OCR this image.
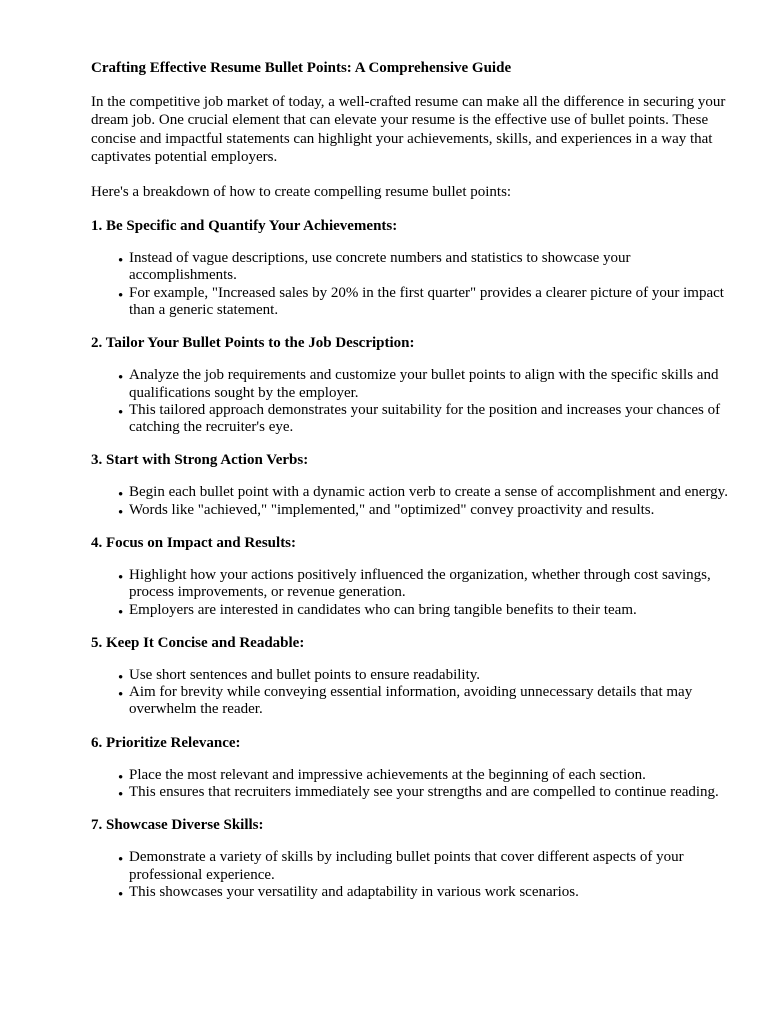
Crafting Effective Resume Bullet Points: A Comprehensive Guide

In the competitive job market of today, a well-crafted resume can make all the difference in securing your dream job. One crucial element that can elevate your resume is the effective use of bullet points. These concise and impactful statements can highlight your achievements, skills, and experiences in a way that captivates potential employers.

Here's a breakdown of how to create compelling resume bullet points:

1. Be Specific and Quantify Your Achievements:
• Instead of vague descriptions, use concrete numbers and statistics to showcase your accomplishments.
• For example, "Increased sales by 20% in the first quarter" provides a clearer picture of your impact than a generic statement.
2. Tailor Your Bullet Points to the Job Description:
• Analyze the job requirements and customize your bullet points to align with the specific skills and qualifications sought by the employer.
• This tailored approach demonstrates your suitability for the position and increases your chances of catching the recruiter's eye.
3. Start with Strong Action Verbs:
• Begin each bullet point with a dynamic action verb to create a sense of accomplishment and energy.
• Words like "achieved," "implemented," and "optimized" convey proactivity and results.
4. Focus on Impact and Results:
• Highlight how your actions positively influenced the organization, whether through cost savings, process improvements, or revenue generation.
• Employers are interested in candidates who can bring tangible benefits to their team.
5. Keep It Concise and Readable:
• Use short sentences and bullet points to ensure readability.
• Aim for brevity while conveying essential information, avoiding unnecessary details that may overwhelm the reader.
6. Prioritize Relevance:
• Place the most relevant and impressive achievements at the beginning of each section.
• This ensures that recruiters immediately see your strengths and are compelled to continue reading.
7. Showcase Diverse Skills:
• Demonstrate a variety of skills by including bullet points that cover different aspects of your professional experience.
• This showcases your versatility and adaptability in various work scenarios.
